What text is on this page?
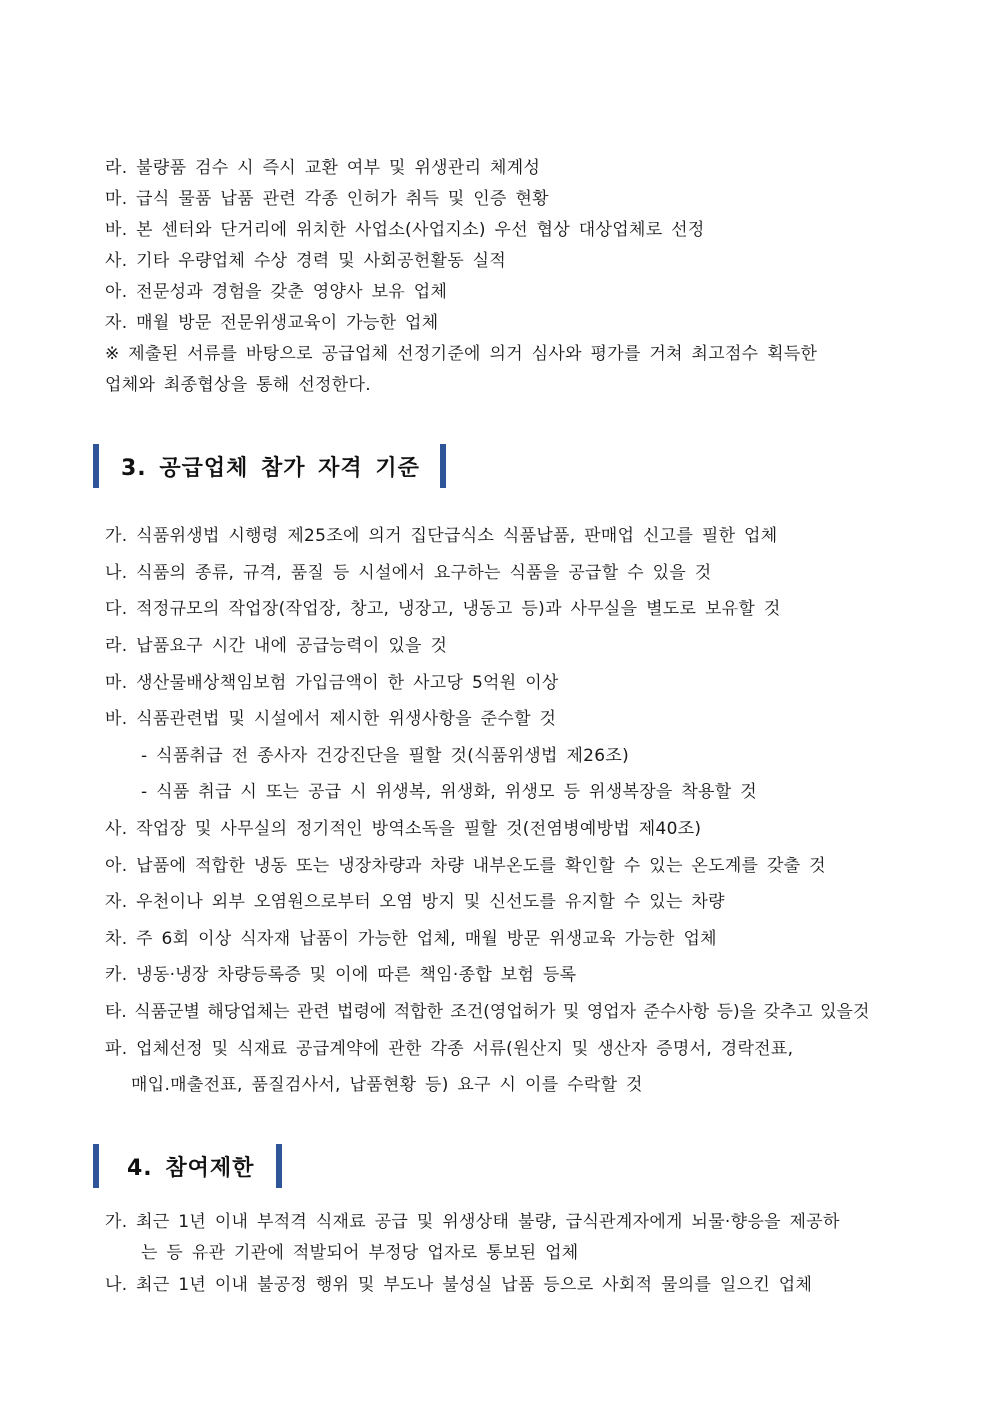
라. 불량품 검수 시 즉시 교환 여부 및 위생관리 체계성
마. 급식 물품 납품 관련 각종 인허가 취득 및 인증 현황
바. 본 센터와 단거리에 위치한 사업소(사업지소) 우선 협상 대상업체로 선정
사. 기타 우량업체 수상 경력 및 사회공헌활동 실적
아. 전문성과 경험을 갖춘 영양사 보유 업체
자. 매월 방문 전문위생교육이 가능한 업체
※ 제출된 서류를 바탕으로 공급업체 선정기준에 의거 심사와 평가를 거쳐 최고점수 획득한
업체와 최종협상을 통해 선정한다.
3. 공급업체 참가 자격 기준
가. 식품위생법 시행령 제25조에 의거 집단급식소 식품납품, 판매업 신고를 필한 업체
나. 식품의 종류, 규격, 품질 등 시설에서 요구하는 식품을 공급할 수 있을 것
다. 적정규모의 작업장(작업장, 창고, 냉장고, 냉동고 등)과 사무실을 별도로 보유할 것
라. 납품요구 시간 내에 공급능력이 있을 것
마. 생산물배상책임보험 가입금액이 한 사고당 5억원 이상
바. 식품관련법 및 시설에서 제시한 위생사항을 준수할 것
- 식품취급 전 종사자 건강진단을 필할 것(식품위생법 제26조)
- 식품 취급 시 또는 공급 시 위생복, 위생화, 위생모 등 위생복장을 착용할 것
사. 작업장 및 사무실의 정기적인 방역소독을 필할 것(전염병예방법 제40조)
아. 납품에 적합한 냉동 또는 냉장차량과 차량 내부온도를 확인할 수 있는 온도계를 갖출 것
자. 우천이나 외부 오염원으로부터 오염 방지 및 신선도를 유지할 수 있는 차량
차. 주 6회 이상 식자재 납품이 가능한 업체, 매월 방문 위생교육 가능한 업체
카. 냉동·냉장 차량등록증 및 이에 따른 책임·종합 보험 등록
타. 식품군별 해당업체는 관련 법령에 적합한 조건(영업허가 및 영업자 준수사항 등)을 갖추고 있을것
파. 업체선정 및 식재료 공급계약에 관한 각종 서류(원산지 및 생산자 증명서, 경락전표,
매입.매출전표, 품질검사서, 납품현황 등) 요구 시 이를 수락할 것
4. 참여제한
가. 최근 1년 이내 부적격 식재료 공급 및 위생상태 불량, 급식관계자에게 뇌물·향응을 제공하
는 등 유관 기관에 적발되어 부정당 업자로 통보된 업체
나. 최근 1년 이내 불공정 행위 및 부도나 불성실 납품 등으로 사회적 물의를 일으킨 업체
